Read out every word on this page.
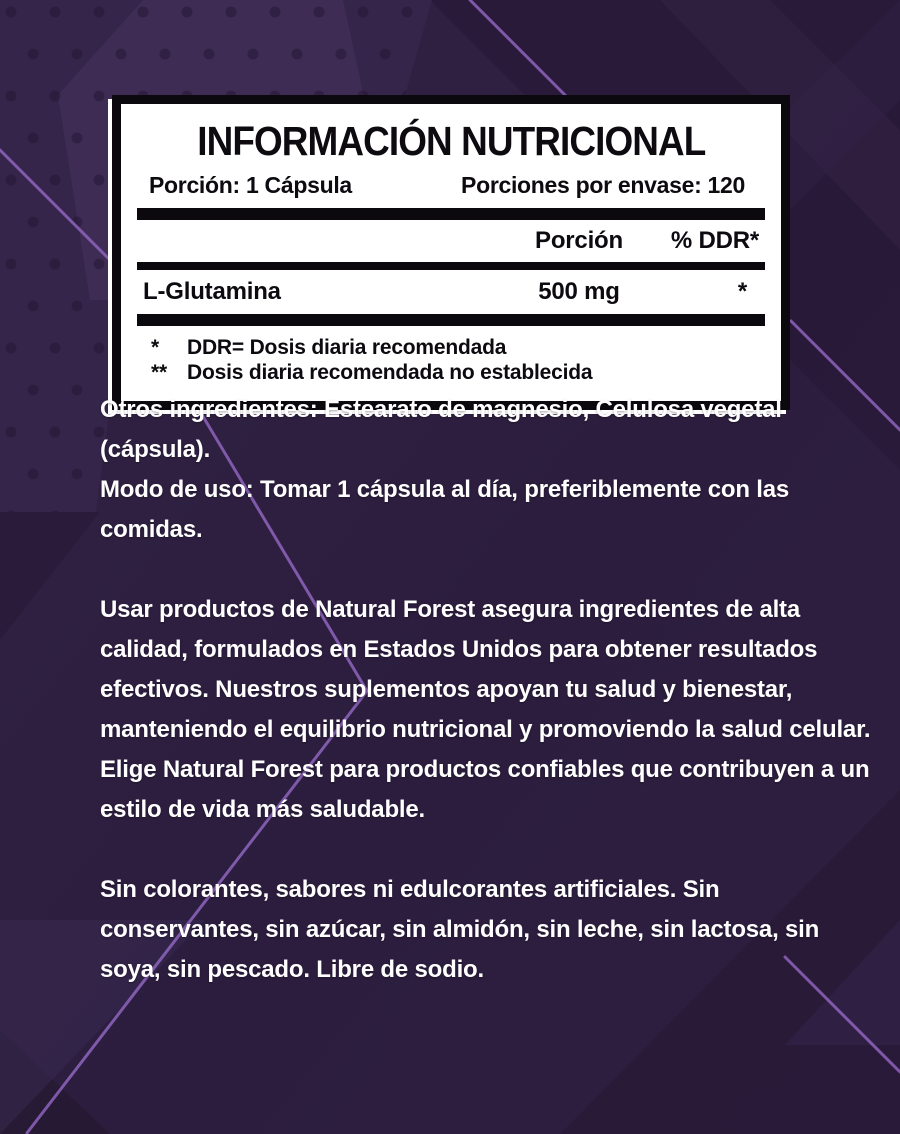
INFORMACIÓN NUTRICIONAL
Porción: 1 Cápsula	Porciones por envase: 120
Porción	% DDR*
L-Glutamina	500 mg	*
*	DDR= Dosis diaria recomendada
** Dosis diaria recomendada no establecida

Otros ingredientes: Estearato de magnesio, Celulosa vegetal (cápsula).

Modo de uso: Tomar 1 cápsula al día, preferiblemente con las comidas.

Usar productos de Natural Forest asegura ingredientes de alta calidad, formulados en Estados Unidos para obtener resultados efectivos. Nuestros suplementos apoyan tu salud y bienestar, manteniendo el equilibrio nutricional y promoviendo la salud celular. Elige Natural Forest para productos confiables que contribuyen a un estilo de vida más saludable.

Sin colorantes, sabores ni edulcorantes artificiales. Sin conservantes, sin azúcar, sin almidón, sin leche, sin lactosa, sin soya, sin pescado. Libre de sodio.
